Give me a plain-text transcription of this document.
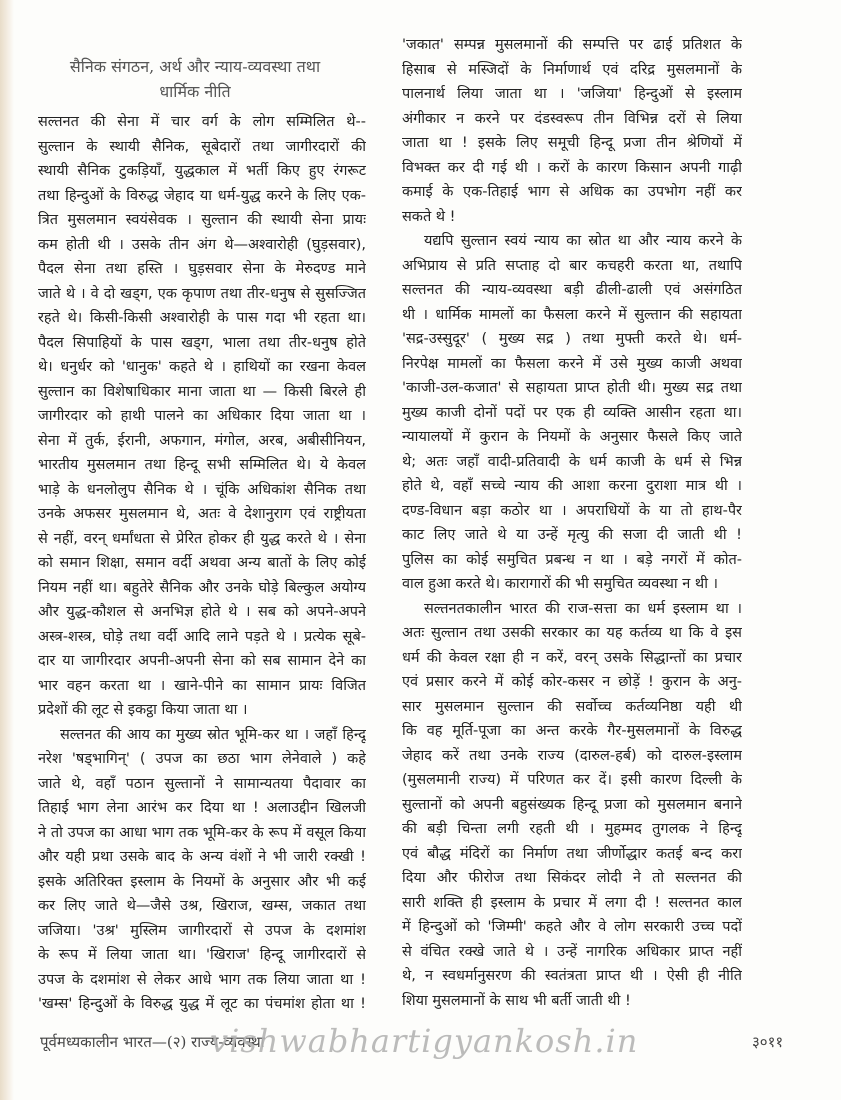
सैनिक संगठन, अर्थ और न्याय-व्यवस्था तथा
धार्मिक नीति
सल्तनत की सेना में चार वर्ग के लोग सम्मिलित थे--
सुल्तान के स्थायी सैनिक, सूबेदारों तथा जागीरदारों की
स्थायी सैनिक टुकड़ियाँ, युद्धकाल में भर्ती किए हुए रंगरूट
तथा हिन्दुओं के विरुद्ध जेहाद या धर्म-युद्ध करने के लिए एक-
त्रित मुसलमान स्वयंसेवक । सुल्तान की स्थायी सेना प्रायः
कम होती थी । उसके तीन अंग थे—अश्वारोही (घुड़सवार),
पैदल सेना तथा हस्ति । घुड़सवार सेना के मेरुदण्ड माने
जाते थे । वे दो खड्ग, एक कृपाण तथा तीर-धनुष से सुसज्जित
रहते थे। किसी-किसी अश्वारोही के पास गदा भी रहता था।
पैदल सिपाहियों के पास खड्ग, भाला तथा तीर-धनुष होते
थे। धनुर्धर को 'धानुक' कहते थे । हाथियों का रखना केवल
सुल्तान का विशेषाधिकार माना जाता था — किसी बिरले ही
जागीरदार को हाथी पालने का अधिकार दिया जाता था ।
सेना में तुर्क, ईरानी, अफगान, मंगोल, अरब, अबीसीनियन,
भारतीय मुसलमान तथा हिन्दू सभी सम्मिलित थे। ये केवल
भाड़े के धनलोलुप सैनिक थे । चूंकि अधिकांश सैनिक तथा
उनके अफसर मुसलमान थे, अतः वे देशानुराग एवं राष्ट्रीयता
से नहीं, वरन् धर्मांधता से प्रेरित होकर ही युद्ध करते थे । सेना
को समान शिक्षा, समान वर्दी अथवा अन्य बातों के लिए कोई
नियम नहीं था। बहुतेरे सैनिक और उनके घोड़े बिल्कुल अयोग्य
और युद्ध-कौशल से अनभिज्ञ होते थे । सब को अपने-अपने
अस्त्र-शस्त्र, घोड़े तथा वर्दी आदि लाने पड़ते थे । प्रत्येक सूबे-
दार या जागीरदार अपनी-अपनी सेना को सब सामान देने का
भार वहन करता था । खाने-पीने का सामान प्रायः विजित
प्रदेशों की लूट से इकट्ठा किया जाता था ।
सल्तनत की आय का मुख्य स्रोत भूमि-कर था । जहाँ हिन्दू
नरेश 'षड्भागिन्' ( उपज का छठा भाग लेनेवाले ) कहे
जाते थे, वहाँ पठान सुल्तानों ने सामान्यतया पैदावार का
तिहाई भाग लेना आरंभ कर दिया था ! अलाउद्दीन खिलजी
ने तो उपज का आधा भाग तक भूमि-कर के रूप में वसूल किया
और यही प्रथा उसके बाद के अन्य वंशों ने भी जारी रक्खी !
इसके अतिरिक्त इस्लाम के नियमों के अनुसार और भी कई
कर लिए जाते थे—जैसे उश्र, खिराज, खम्स, जकात तथा
जजिया। 'उश्र' मुस्लिम जागीरदारों से उपज के दशमांश
के रूप में लिया जाता था। 'खिराज' हिन्दू जागीरदारों से
उपज के दशमांश से लेकर आधे भाग तक लिया जाता था !
'खम्स' हिन्दुओं के विरुद्ध युद्ध में लूट का पंचमांश होता था !
'जकात' सम्पन्न मुसलमानों की सम्पत्ति पर ढाई प्रतिशत के
हिसाब से मस्जिदों के निर्माणार्थ एवं दरिद्र मुसलमानों के
पालनार्थ लिया जाता था । 'जजिया' हिन्दुओं से इस्लाम
अंगीकार न करने पर दंडस्वरूप तीन विभिन्न दरों से लिया
जाता था ! इसके लिए समूची हिन्दू प्रजा तीन श्रेणियों में
विभक्त कर दी गई थी । करों के कारण किसान अपनी गाढ़ी
कमाई के एक-तिहाई भाग से अधिक का उपभोग नहीं कर
सकते थे !
यद्यपि सुल्तान स्वयं न्याय का स्रोत था और न्याय करने के
अभिप्राय से प्रति सप्ताह दो बार कचहरी करता था, तथापि
सल्तनत की न्याय-व्यवस्था बड़ी ढीली-ढाली एवं असंगठित
थी । धार्मिक मामलों का फैसला करने में सुल्तान की सहायता
'सद्र-उस्सुदूर' ( मुख्य सद्र ) तथा मुफ्ती करते थे। धर्म-
निरपेक्ष मामलों का फैसला करने में उसे मुख्य काजी अथवा
'काजी-उल-कजात' से सहायता प्राप्त होती थी। मुख्य सद्र तथा
मुख्य काजी दोनों पदों पर एक ही व्यक्ति आसीन रहता था।
न्यायालयों में कुरान के नियमों के अनुसार फैसले किए जाते
थे; अतः जहाँ वादी-प्रतिवादी के धर्म काजी के धर्म से भिन्न
होते थे, वहाँ सच्चे न्याय की आशा करना दुराशा मात्र थी ।
दण्ड-विधान बड़ा कठोर था । अपराधियों के या तो हाथ-पैर
काट लिए जाते थे या उन्हें मृत्यु की सजा दी जाती थी !
पुलिस का कोई समुचित प्रबन्ध न था । बड़े नगरों में कोत-
वाल हुआ करते थे। कारागारों की भी समुचित व्यवस्था न थी ।
सल्तनतकालीन भारत की राज-सत्ता का धर्म इस्लाम था ।
अतः सुल्तान तथा उसकी सरकार का यह कर्तव्य था कि वे इस
धर्म की केवल रक्षा ही न करें, वरन् उसके सिद्धान्तों का प्रचार
एवं प्रसार करने में कोई कोर-कसर न छोड़ें ! कुरान के अनु-
सार मुसलमान सुल्तान की सर्वोच्च कर्तव्यनिष्ठा यही थी
कि वह मूर्ति-पूजा का अन्त करके गैर-मुसलमानों के विरुद्ध
जेहाद करें तथा उनके राज्य (दारुल-हर्ब) को दारुल-इस्लाम
(मुसलमानी राज्य) में परिणत कर दें। इसी कारण दिल्ली के
सुल्तानों को अपनी बहुसंख्यक हिन्दू प्रजा को मुसलमान बनाने
की बड़ी चिन्ता लगी रहती थी । मुहम्मद तुगलक ने हिन्दू
एवं बौद्ध मंदिरों का निर्माण तथा जीर्णोद्धार कतई बन्द करा
दिया और फीरोज तथा सिकंदर लोदी ने तो सल्तनत की
सारी शक्ति ही इस्लाम के प्रचार में लगा दी ! सल्तनत काल
में हिन्दुओं को 'जिम्मी' कहते और वे लोग सरकारी उच्च पदों
से वंचित रक्खे जाते थे । उन्हें नागरिक अधिकार प्राप्त नहीं
थे, न स्वधर्मानुसरण की स्वतंत्रता प्राप्त थी । ऐसी ही नीति
शिया मुसलमानों के साथ भी बर्ती जाती थी !
पूर्वमध्यकालीन भारत—(२) राज्य-व्यवस्था
vishwabhartigyankosh.in	३०११
